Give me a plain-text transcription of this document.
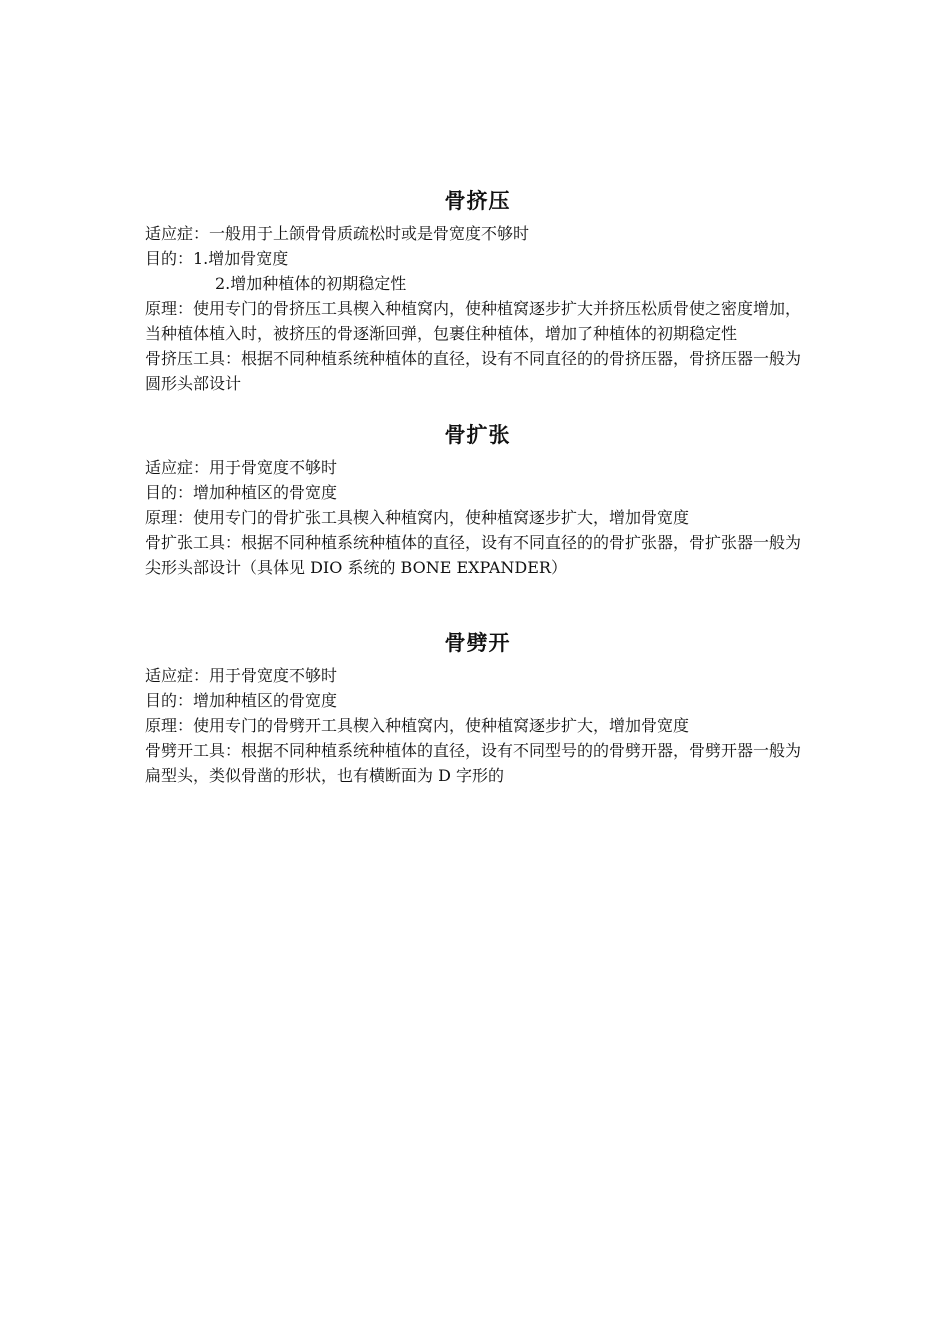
骨挤压

适应症：一般用于上颌骨骨质疏松时或是骨宽度不够时

目的：1.增加骨宽度

2.增加种植体的初期稳定性

原理：使用专门的骨挤压工具楔入种植窝内，使种植窝逐步扩大并挤压松质骨使之密度增加，当种植体植入时，被挤压的骨逐渐回弹，包裹住种植体，增加了种植体的初期稳定性

骨挤压工具：根据不同种植系统种植体的直径，设有不同直径的的骨挤压器，骨挤压器一般为圆形头部设计

骨扩张

适应症：用于骨宽度不够时

目的：增加种植区的骨宽度

原理：使用专门的骨扩张工具楔入种植窝内，使种植窝逐步扩大，增加骨宽度

骨扩张工具：根据不同种植系统种植体的直径，设有不同直径的的骨扩张器，骨扩张器一般为尖形头部设计（具体见 DIO 系统的 BONE EXPANDER）

骨劈开

适应症：用于骨宽度不够时

目的：增加种植区的骨宽度

原理：使用专门的骨劈开工具楔入种植窝内，使种植窝逐步扩大，增加骨宽度

骨劈开工具：根据不同种植系统种植体的直径，设有不同型号的的骨劈开器，骨劈开器一般为扁型头，类似骨凿的形状，也有横断面为 D 字形的
